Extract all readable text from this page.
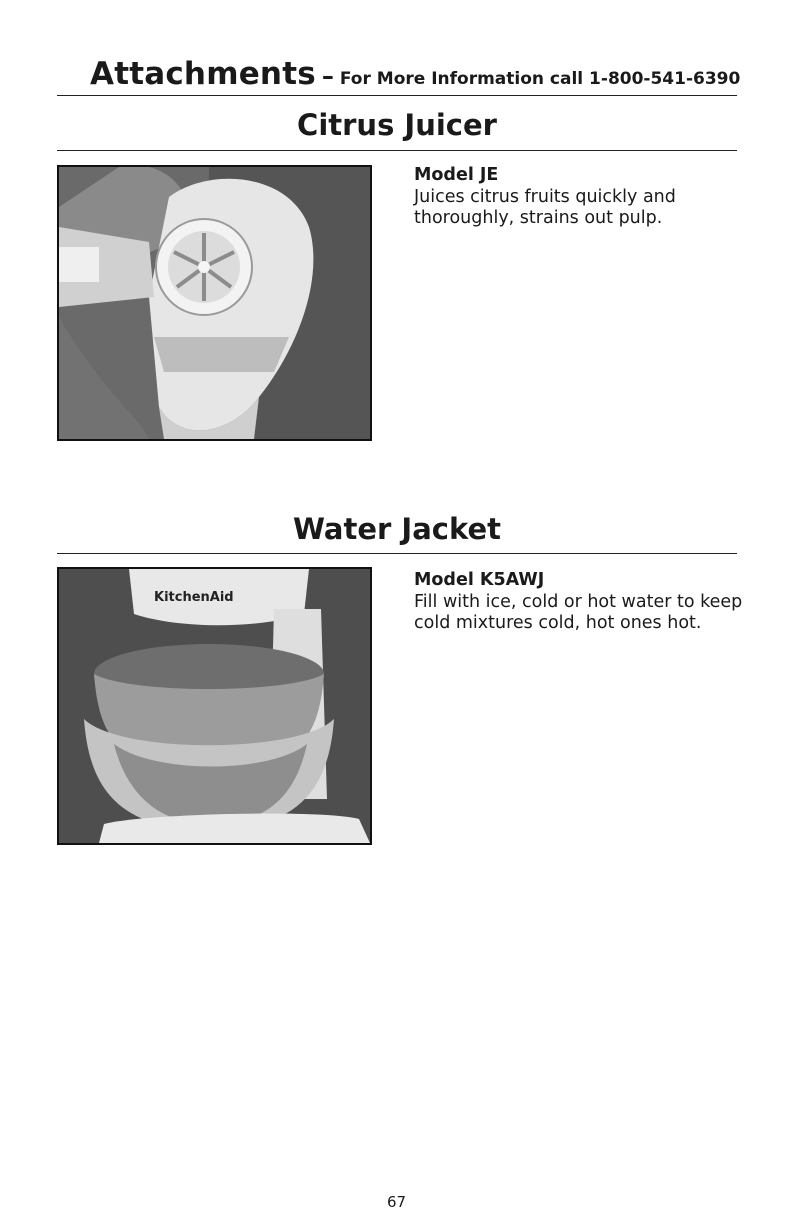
Attachments – For More Information call 1-800-541-6390
Citrus Juicer
Model JE
Juices citrus fruits quickly and thoroughly, strains out pulp.
Water Jacket
KitchenAid
Model K5AWJ
Fill with ice, cold or hot water to keep cold mixtures cold, hot ones hot.
67
